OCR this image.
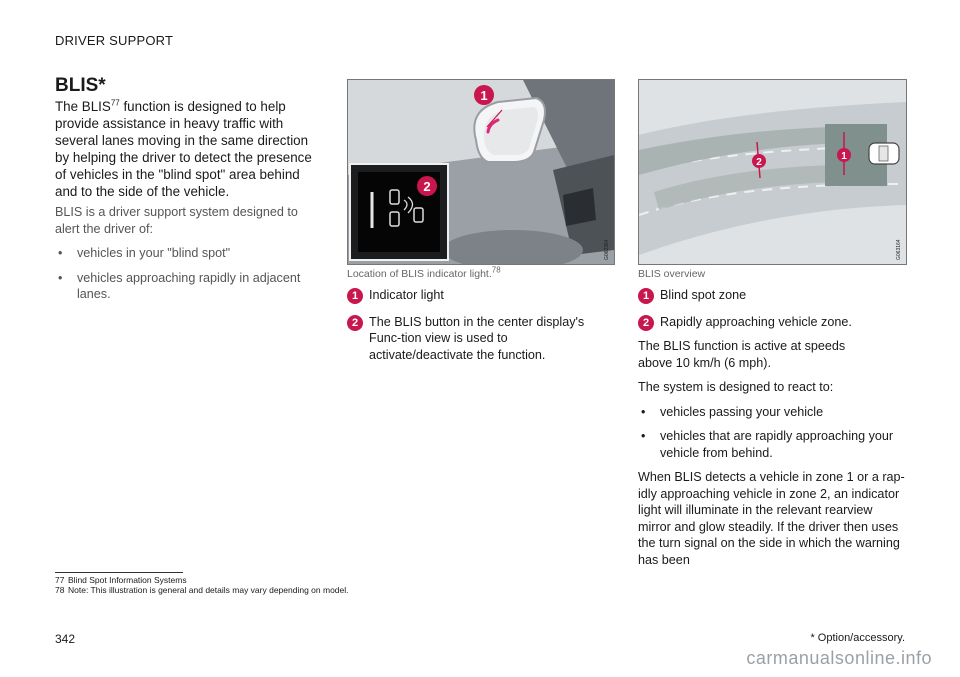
DRIVER SUPPORT
BLIS*
The BLIS$^{77}$ function is designed to help provide assistance in heavy traffic with several lanes moving in the same direction by helping the driver to detect the presence of vehicles in the "blind spot" area behind and to the side of the vehicle.
BLIS is a driver support system designed to alert the driver of:
• vehicles in your "blind spot"
• vehicles approaching rapidly in adjacent lanes.
1
2
G062384
Location of BLIS indicator light.$^{78}$
1 Indicator light
2 The BLIS button in the center display's Func-tion view is used to activate/deactivate the function.
1
2
G063164
BLIS overview
1 Blind spot zone
2 Rapidly approaching vehicle zone.
The BLIS function is active at speeds above 10 km/h (6 mph).
The system is designed to react to:
• vehicles passing your vehicle
• vehicles that are rapidly approaching your vehicle from behind.
When BLIS detects a vehicle in zone 1 or a rap-idly approaching vehicle in zone 2, an indicator light will illuminate in the relevant rearview mirror and glow steadily. If the driver then uses the turn signal on the side in which the warning has been
77 Blind Spot Information Systems
78 Note: This illustration is general and details may vary depending on model.
* Option/accessory.
342
carmanualsonline.info
